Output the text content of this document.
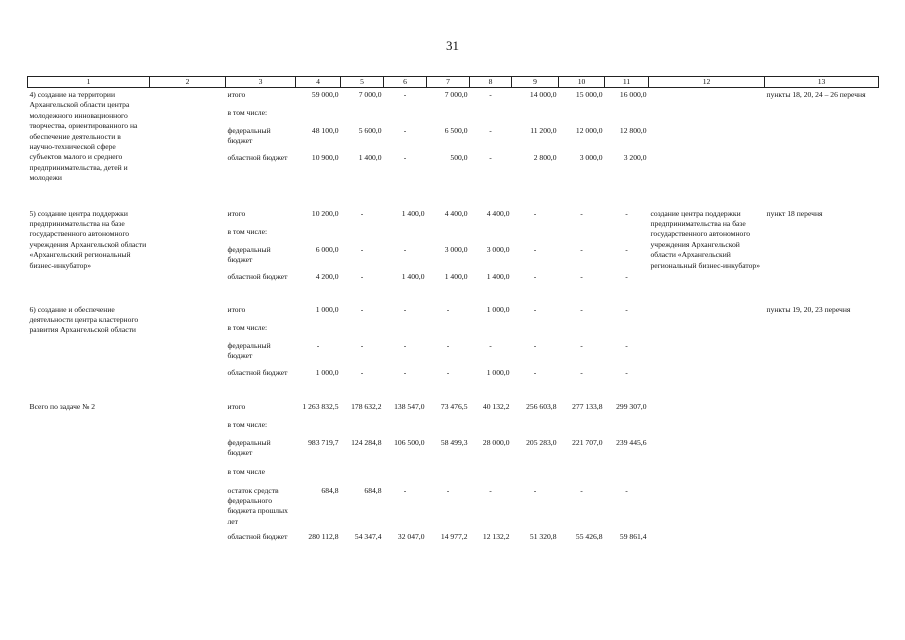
31
1	2	3	4	5	6	7	8	9	10	11	12	13
4) создание на территории Архангельской области центра молодежного инновационного творчества, ориентированного на обеспечение деятельности в научно-технической сфере субъектов малого и среднего предпринимательства, детей и молодежи		итого	59 000,0	7 000,0	-	7 000,0	-	14 000,0	15 000,0	16 000,0		пункты 18, 20, 24 – 26 перечня
		в том числе:										
		федеральный бюджет	48 100,0	5 600,0	-	6 500,0	-	11 200,0	12 000,0	12 800,0		
		областной бюджет	10 900,0	1 400,0	-	500,0	-	2 800,0	3 000,0	3 200,0		
5) создание центра поддержки предпринимательства на базе государственного автономного учреждения Архангельской области «Архангельский региональный бизнес-инкубатор»		итого	10 200,0	-	1 400,0	4 400,0	4 400,0	-	-	-	создание центра поддержки предпринимательства на базе государственного автономного учреждения Архангельской области «Архангельский региональный бизнес-инкубатор»	пункт 18 перечня
		в том числе:										
		федеральный бюджет	6 000,0	-	-	3 000,0	3 000,0	-	-	-		
		областной бюджет	4 200,0	-	1 400,0	1 400,0	1 400,0	-	-	-		
6) создание и обеспечение деятельности центра кластерного развития Архангельской области		итого	1 000,0	-	-	-	1 000,0	-	-	-		пункты 19, 20, 23 перечня
		в том числе:										
		федеральный бюджет	-	-	-	-	-	-	-	-		
		областной бюджет	1 000,0	-	-	-	1 000,0	-	-	-		
Всего по задаче № 2		итого	1 263 832,5	178 632,2	138 547,0	73 476,5	40 132,2	256 603,8	277 133,8	299 307,0		
		в том числе:										
		федеральный бюджет	983 719,7	124 284,8	106 500,0	58 499,3	28 000,0	205 283,0	221 707,0	239 445,6		
		в том числе										
		остаток средств федерального бюджета прошлых лет	684,8	684,8	-	-	-	-	-	-		
		областной бюджет	280 112,8	54 347,4	32 047,0	14 977,2	12 132,2	51 320,8	55 426,8	59 861,4		
